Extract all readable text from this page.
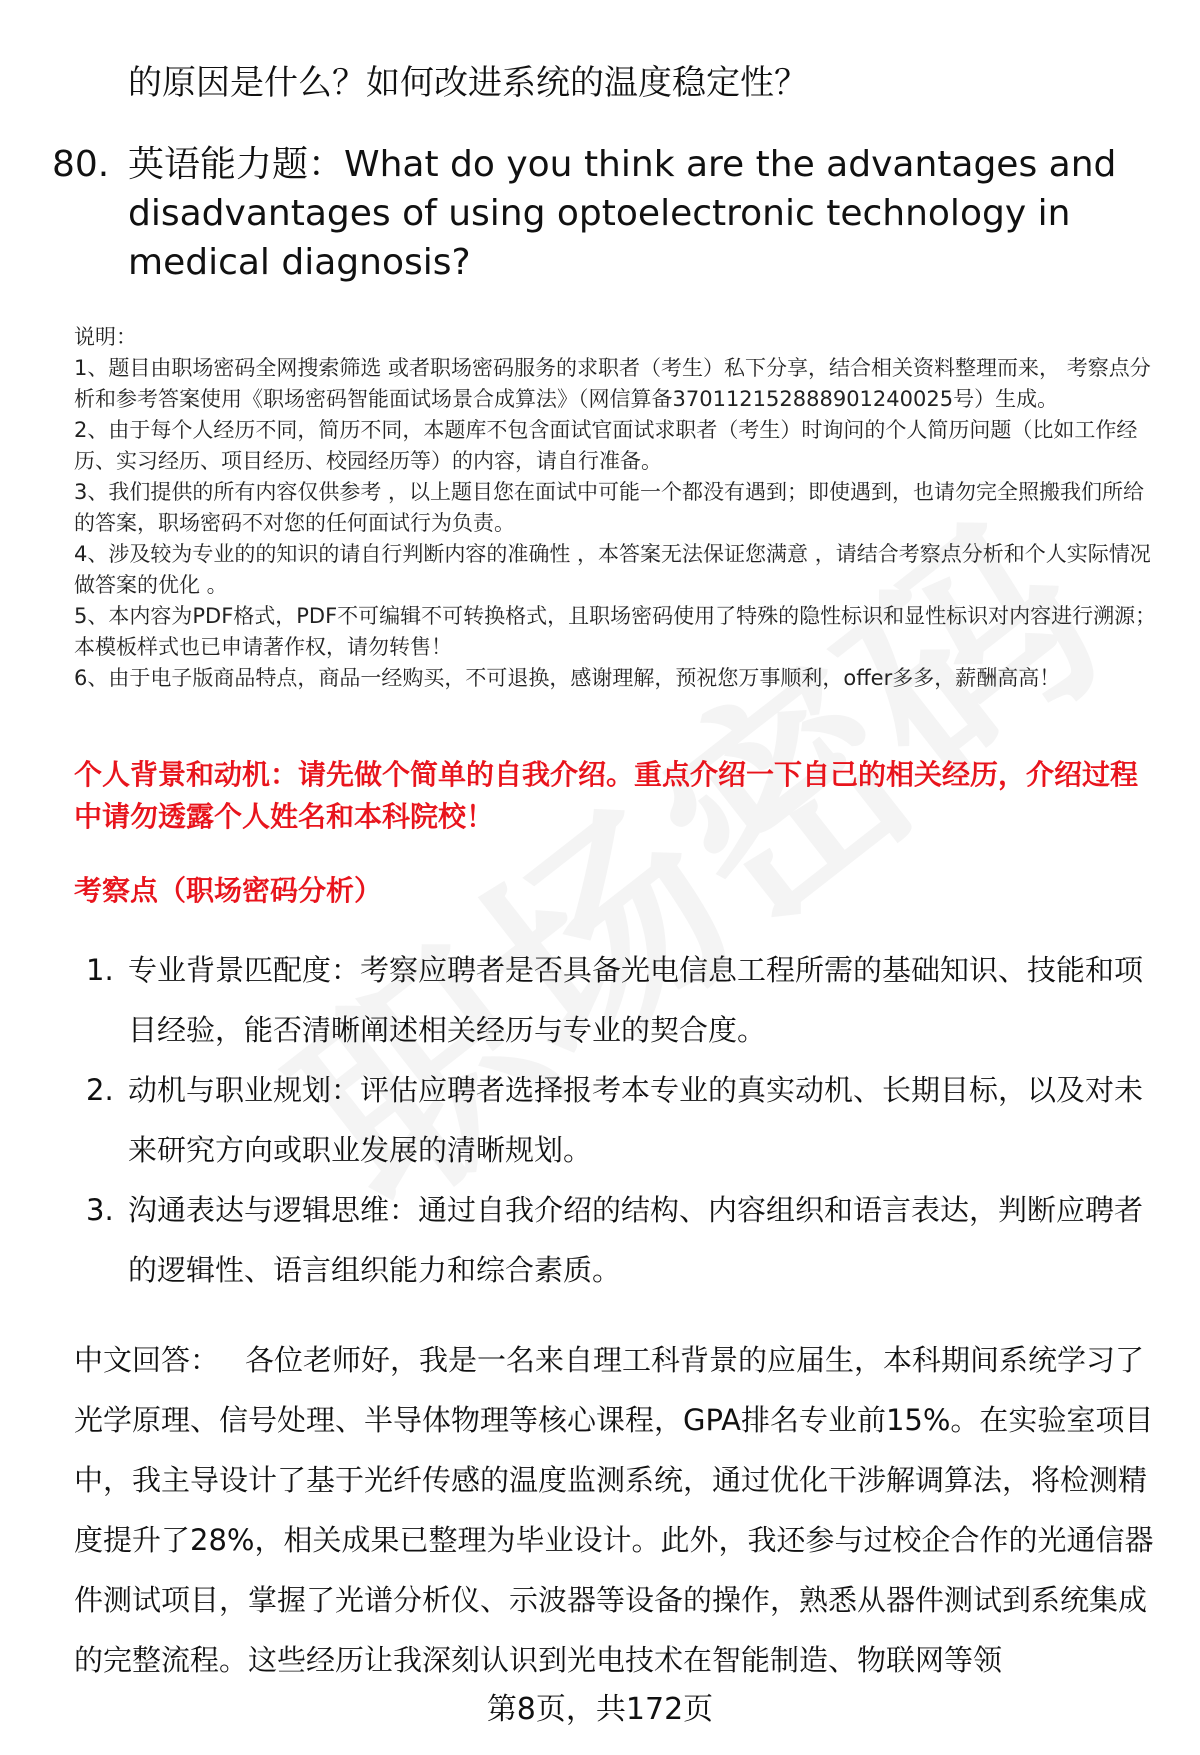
的原因是什么？如何改进系统的温度稳定性？
80. 英语能力题：What do you think are the advantages and disadvantages of using optoelectronic technology in medical diagnosis?

说明：

1、题目由职场密码全网搜索筛选 或者职场密码服务的求职者（考生）私下分享，结合相关资料整理而来， 考察点分析和参考答案使用《职场密码智能面试场景合成算法》（网信算备370112152888901240025号）生成。

2、由于每个人经历不同，简历不同，本题库不包含面试官面试求职者（考生）时询问的个人简历问题（比如工作经历、实习经历、项目经历、校园经历等）的内容，请自行准备。

3、我们提供的所有内容仅供参考 ，以上题目您在面试中可能一个都没有遇到；即使遇到，也请勿完全照搬我们所给的答案，职场密码不对您的任何面试行为负责。

4、涉及较为专业的的知识的请自行判断内容的准确性 ，本答案无法保证您满意 ，请结合考察点分析和个人实际情况做答案的优化 。

5、本内容为PDF格式，PDF不可编辑不可转换格式，且职场密码使用了特殊的隐性标识和显性标识对内容进行溯源；本模板样式也已申请著作权，请勿转售！

6、由于电子版商品特点，商品一经购买，不可退换，感谢理解，预祝您万事顺利，offer多多，薪酬高高！

个人背景和动机：请先做个简单的自我介绍。重点介绍一下自己的相关经历，介绍过程中请勿透露个人姓名和本科院校！
考察点（职场密码分析）
1. 专业背景匹配度：考察应聘者是否具备光电信息工程所需的基础知识、技能和项目经验，能否清晰阐述相关经历与专业的契合度。
2. 动机与职业规划：评估应聘者选择报考本专业的真实动机、长期目标，以及对未来研究方向或职业发展的清晰规划。
3. 沟通表达与逻辑思维：通过自我介绍的结构、内容组织和语言表达，判断应聘者的逻辑性、语言组织能力和综合素质。
中文回答： 各位老师好，我是一名来自理工科背景的应届生，本科期间系统学习了光学原理、信号处理、半导体物理等核心课程，GPA排名专业前15%。在实验室项目中，我主导设计了基于光纤传感的温度监测系统，通过优化干涉解调算法，将检测精度提升了28%，相关成果已整理为毕业设计。此外，我还参与过校企合作的光通信器件测试项目，掌握了光谱分析仪、示波器等设备的操作，熟悉从器件测试到系统集成的完整流程。这些经历让我深刻认识到光电技术在智能制造、物联网等领
第8页，共172页
